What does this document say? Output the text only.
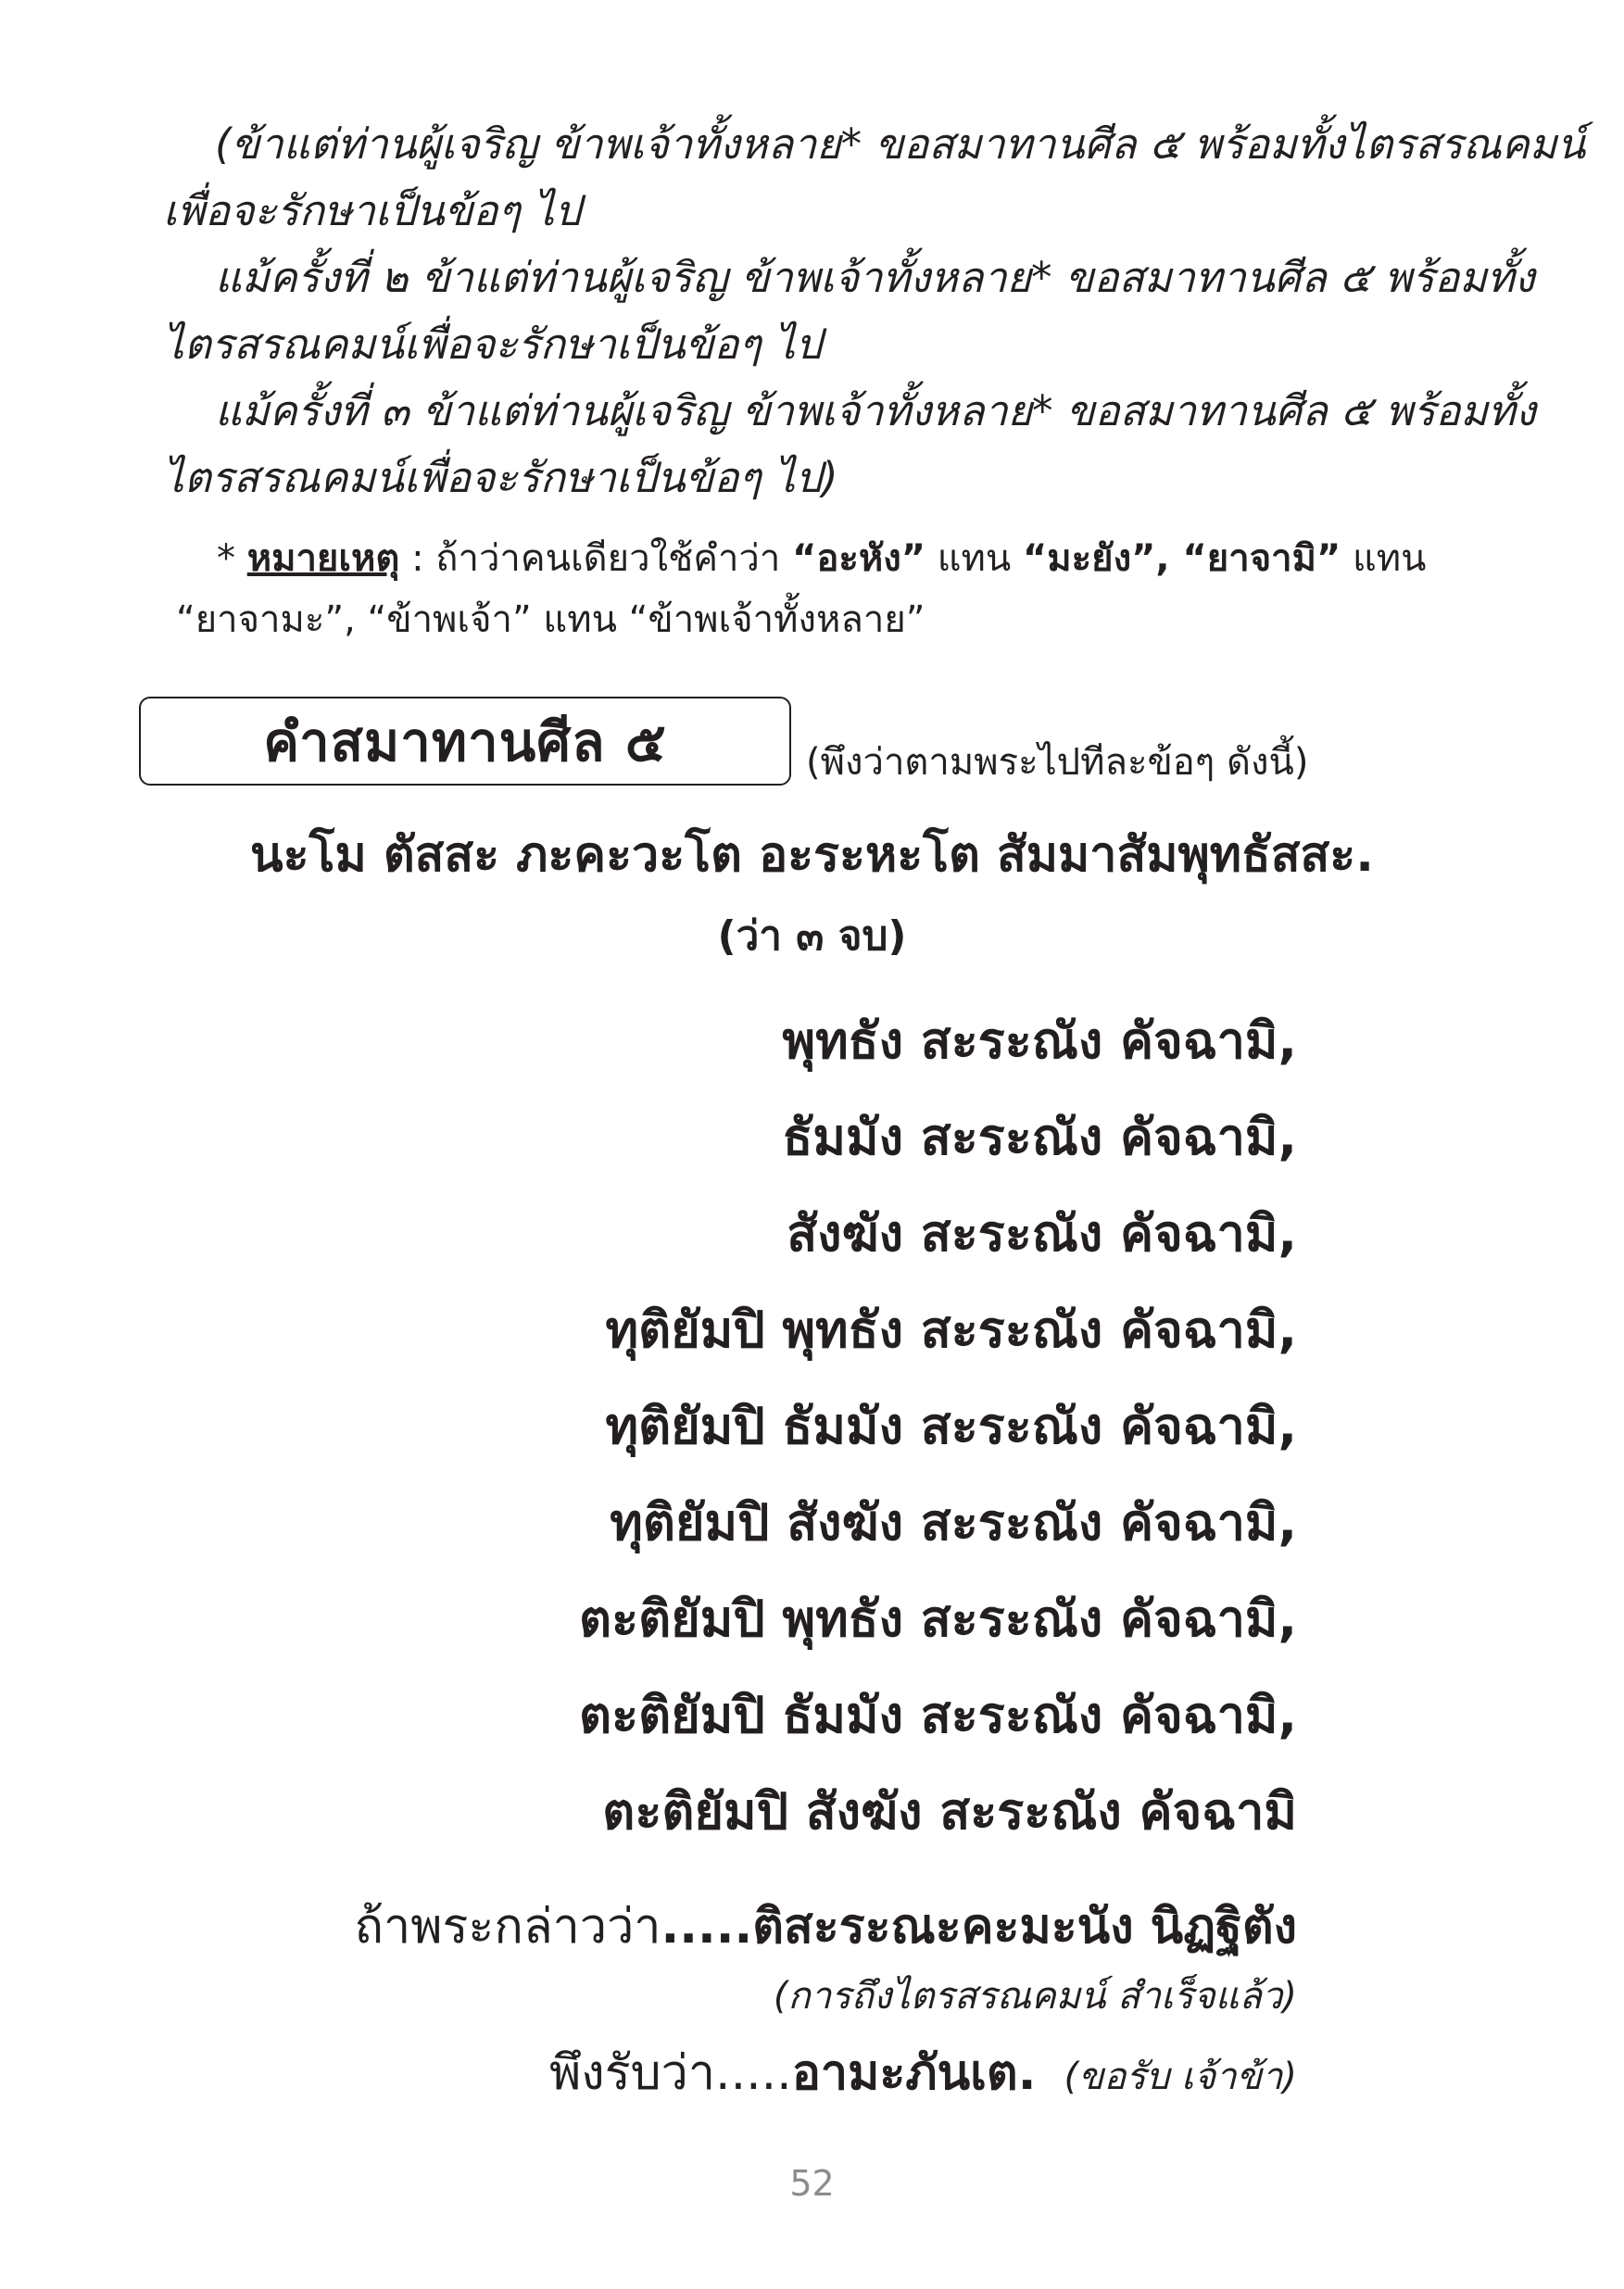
(ข้าแต่ท่านผู้เจริญ ข้าพเจ้าทั้งหลาย* ขอสมาทานศีล ๕ พร้อมทั้งไตรสรณคมน์

เพื่อจะรักษาเป็นข้อๆ ไป

แม้ครั้งที่ ๒ ข้าแต่ท่านผู้เจริญ ข้าพเจ้าทั้งหลาย* ขอสมาทานศีล ๕ พร้อมทั้ง

ไตรสรณคมน์เพื่อจะรักษาเป็นข้อๆ ไป

แม้ครั้งที่ ๓ ข้าแต่ท่านผู้เจริญ ข้าพเจ้าทั้งหลาย* ขอสมาทานศีล ๕ พร้อมทั้ง

ไตรสรณคมน์เพื่อจะรักษาเป็นข้อๆ ไป)

* หมายเหตุ : ถ้าว่าคนเดียวใช้คำว่า “อะหัง” แทน “มะยัง”, “ยาจามิ” แทน
“ยาจามะ”, “ข้าพเจ้า” แทน “ข้าพเจ้าทั้งหลาย”
คำสมาทานศีล ๕	(พึงว่าตามพระไปทีละข้อๆ ดังนี้)
นะโม ตัสสะ ภะคะวะโต อะระหะโต สัมมาสัมพุทธัสสะ.
(ว่า ๓ จบ)
พุทธัง สะระณัง คัจฉามิ,
ธัมมัง สะระณัง คัจฉามิ,
สังฆัง สะระณัง คัจฉามิ,
ทุติยัมปิ พุทธัง สะระณัง คัจฉามิ,
ทุติยัมปิ ธัมมัง สะระณัง คัจฉามิ,
ทุติยัมปิ สังฆัง สะระณัง คัจฉามิ,
ตะติยัมปิ พุทธัง สะระณัง คัจฉามิ,
ตะติยัมปิ ธัมมัง สะระณัง คัจฉามิ,
ตะติยัมปิ สังฆัง สะระณัง คัจฉามิ
ถ้าพระกล่าวว่า.....ติสะระณะคะมะนัง นิฏฐิตัง
(การถึงไตรสรณคมน์ สำเร็จแล้ว)
พึงรับว่า.....อามะภันเต. (ขอรับ เจ้าข้า)
52
